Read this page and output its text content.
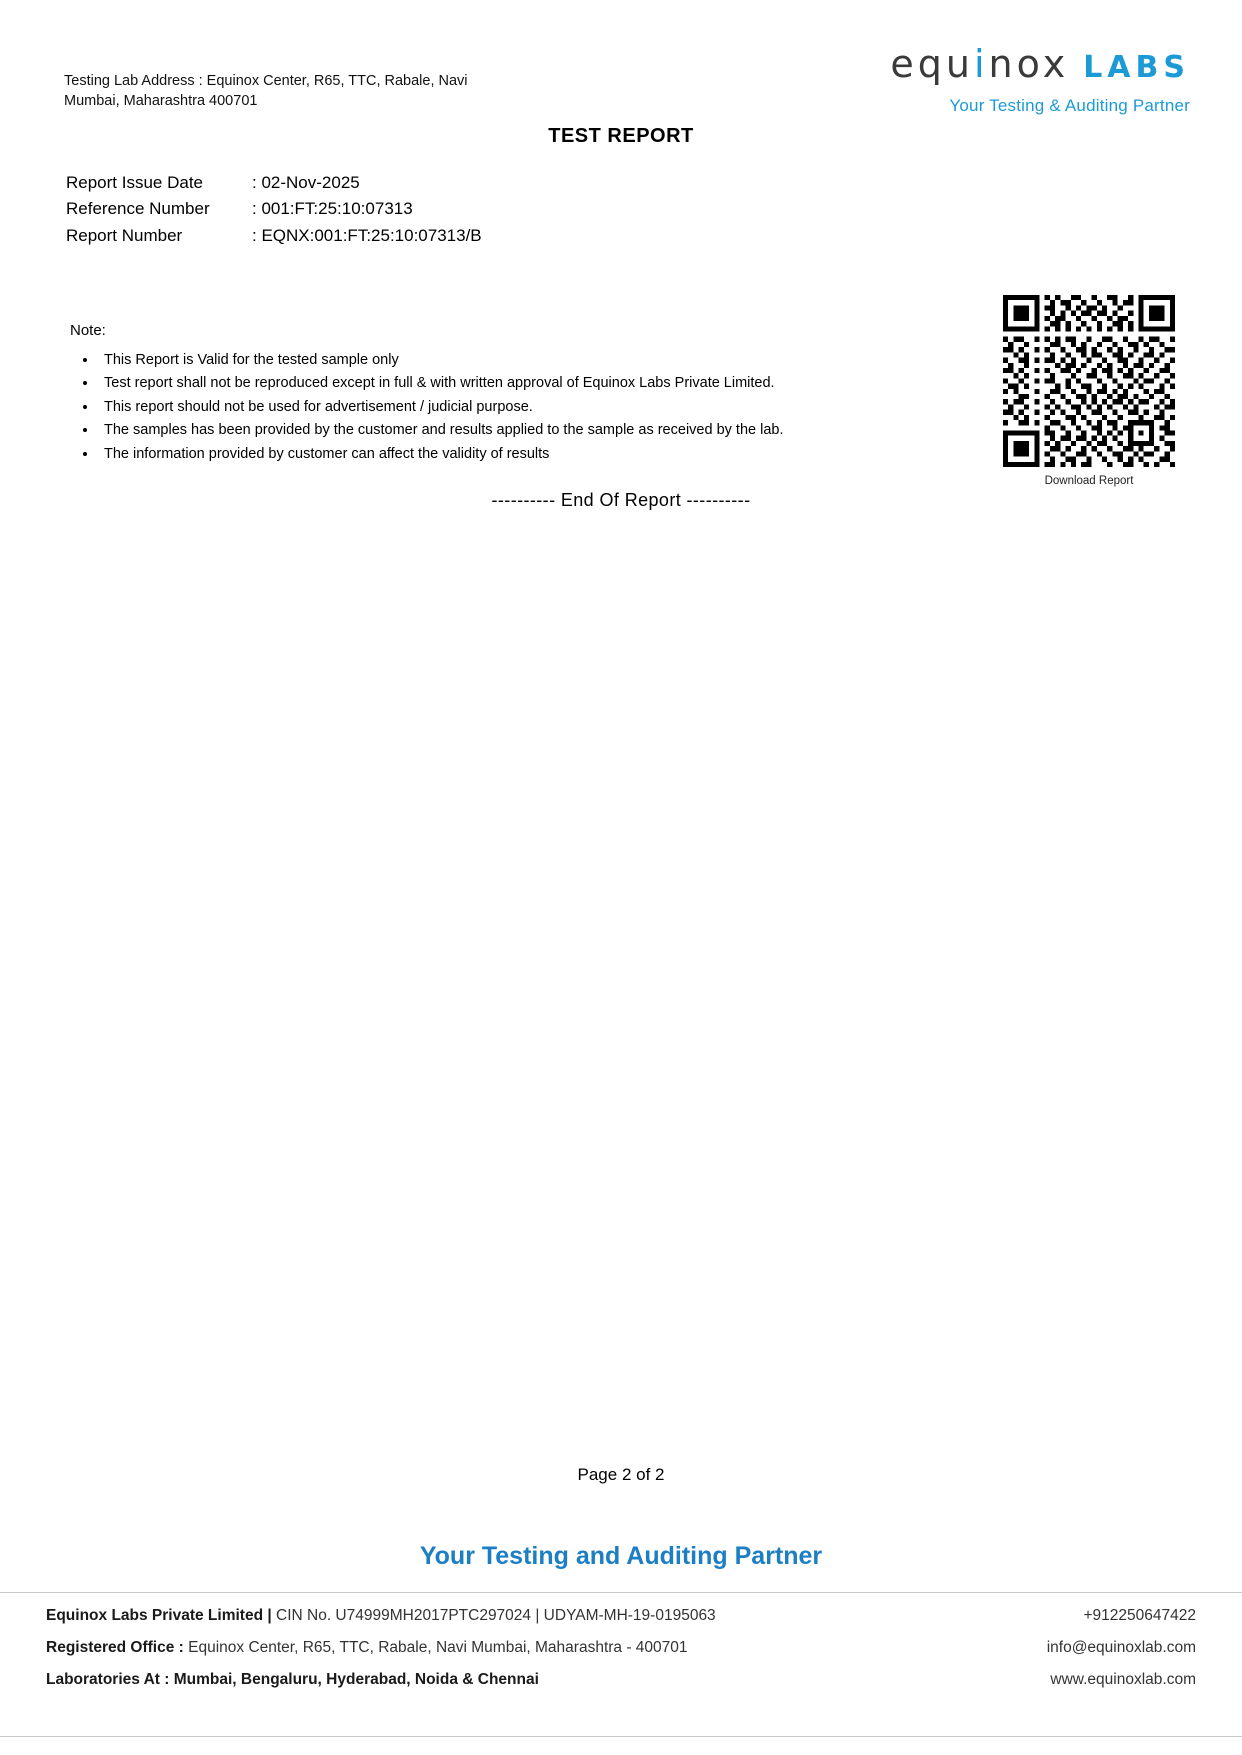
Testing Lab Address : Equinox Center, R65, TTC, Rabale, Navi Mumbai, Maharashtra 400701
equinox LABS
Your Testing & Auditing Partner
TEST REPORT
Report Issue Date	: 02-Nov-2025
Reference Number	: 001:FT:25:10:07313
Report Number	: EQNX:001:FT:25:10:07313/B
Note:
• This Report is Valid for the tested sample only
• Test report shall not be reproduced except in full & with written approval of Equinox Labs Private Limited.
• This report should not be used for advertisement / judicial purpose.
• The samples has been provided by the customer and results applied to the sample as received by the lab.
• The information provided by customer can affect the validity of results
Download Report
---------- End Of Report ----------
Page 2 of 2
Your Testing and Auditing Partner
Equinox Labs Private Limited | CIN No. U74999MH2017PTC297024 | UDYAM-MH-19-0195063	+912250647422
Registered Office : Equinox Center, R65, TTC, Rabale, Navi Mumbai, Maharashtra - 400701	info@equinoxlab.com
Laboratories At : Mumbai, Bengaluru, Hyderabad, Noida & Chennai	www.equinoxlab.com
